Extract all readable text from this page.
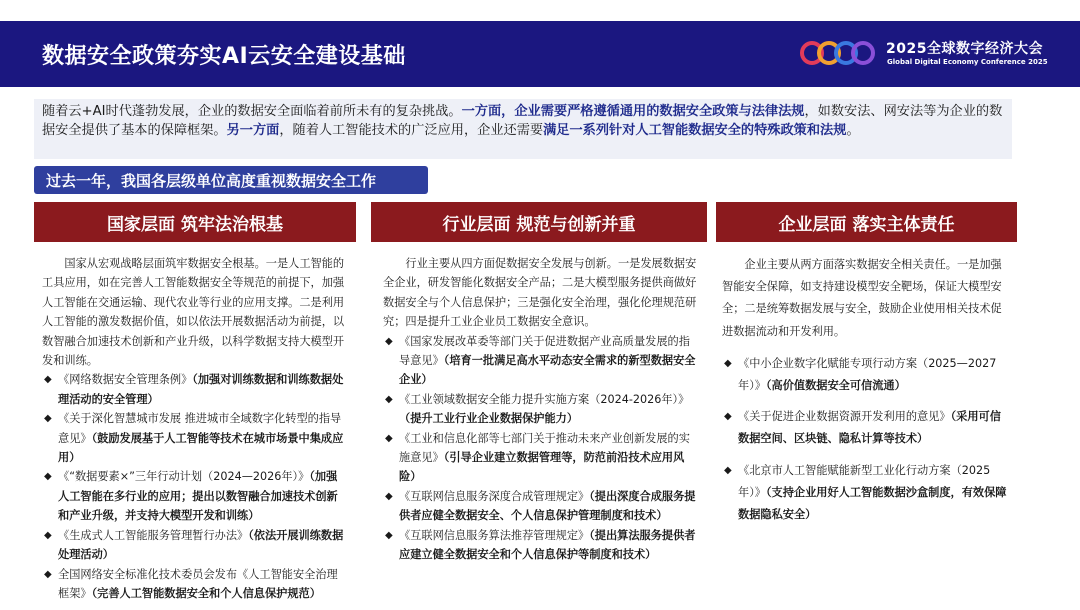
数据安全政策夯实AI云安全建设基础	2025全球数字经济大会
Global Digital Economy Conference 2025
随着云+AI时代蓬勃发展，企业的数据安全面临着前所未有的复杂挑战。一方面，企业需要严格遵循通用的数据安全政策与法律法规，如数安法、网安法等为企业的数据安全提供了基本的保障框架。另一方面，随着人工智能技术的广泛应用，企业还需要满足一系列针对人工智能数据安全的特殊政策和法规。
过去一年，我国各层级单位高度重视数据安全工作
国家层面 筑牢法治根基	行业层面 规范与创新并重	企业层面 落实主体责任

国家从宏观战略层面筑牢数据安全根基。一是人工智能的工具应用，如在完善人工智能数据安全等规范的前提下，加强人工智能在交通运输、现代农业等行业的应用支撑。二是利用人工智能的激发数据价值，如以依法开展数据活动为前提，以数智融合加速技术创新和产业升级，以科学数据支持大模型开发和训练。

◆ 《网络数据安全管理条例》（加强对训练数据和训练数据处理活动的安全管理）
◆ 《关于深化智慧城市发展 推进城市全域数字化转型的指导意见》（鼓励发展基于人工智能等技术在城市场景中集成应用）
◆ 《“数据要素×”三年行动计划（2024—2026年）》（加强人工智能在多行业的应用；提出以数智融合加速技术创新和产业升级，并支持大模型开发和训练）
◆ 《生成式人工智能服务管理暂行办法》（依法开展训练数据处理活动）
◆ 全国网络安全标准化技术委员会发布《人工智能安全治理框架》（完善人工智能数据安全和个人信息保护规范）

行业主要从四方面促数据安全发展与创新。一是发展数据安全企业，研发智能化数据安全产品；二是大模型服务提供商做好数据安全与个人信息保护；三是强化安全治理，强化伦理规范研究；四是提升工业企业员工数据安全意识。

◆ 《国家发展改革委等部门关于促进数据产业高质量发展的指导意见》（培育一批满足高水平动态安全需求的新型数据安全企业）
◆ 《工业领域数据安全能力提升实施方案（2024-2026年）》（提升工业行业企业数据保护能力）
◆ 《工业和信息化部等七部门关于推动未来产业创新发展的实施意见》（引导企业建立数据管理等，防范前沿技术应用风险）
◆ 《互联网信息服务深度合成管理规定》（提出深度合成服务提供者应健全数据安全、个人信息保护管理制度和技术）
◆ 《互联网信息服务算法推荐管理规定》（提出算法服务提供者应建立健全数据安全和个人信息保护等制度和技术）

企业主要从两方面落实数据安全相关责任。一是加强智能安全保障，如支持建设模型安全靶场，保证大模型安全；二是统筹数据发展与安全，鼓励企业使用相关技术促进数据流动和开发利用。

◆ 《中小企业数字化赋能专项行动方案（2025—2027年）》（高价值数据安全可信流通）
◆ 《关于促进企业数据资源开发利用的意见》（采用可信数据空间、区块链、隐私计算等技术）
◆ 《北京市人工智能赋能新型工业化行动方案（2025年）》（支持企业用好人工智能数据沙盒制度，有效保障数据隐私安全）
